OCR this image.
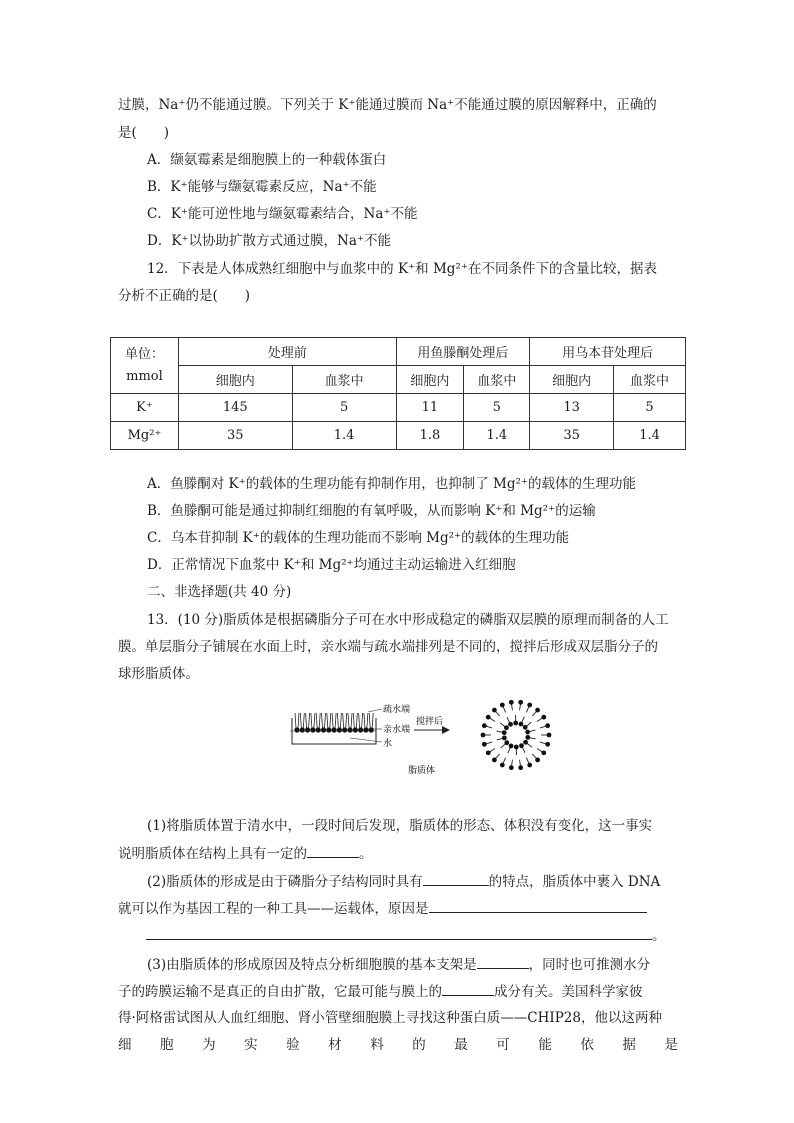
过膜，Na⁺仍不能通过膜。下列关于 K⁺能通过膜而 Na⁺不能通过膜的原因解释中，正确的
是(　　)
A．缬氨霉素是细胞膜上的一种载体蛋白
B．K⁺能够与缬氨霉素反应，Na⁺不能
C．K⁺能可逆性地与缬氨霉素结合，Na⁺不能
D．K⁺以协助扩散方式通过膜，Na⁺不能
12．下表是人体成熟红细胞中与血浆中的 K⁺和 Mg²⁺在不同条件下的含量比较，据表
分析不正确的是(　　)
单位：
mmol	处理前		用鱼滕酮处理后		用乌本苷处理后	
	细胞内	血浆中	细胞内	血浆中	细胞内	血浆中
K⁺	145	5	11	5	13	5
Mg²⁺	35	1.4	1.8	1.4	35	1.4
A．鱼滕酮对 K⁺的载体的生理功能有抑制作用，也抑制了 Mg²⁺的载体的生理功能
B．鱼滕酮可能是通过抑制红细胞的有氧呼吸，从而影响 K⁺和 Mg²⁺的运输
C．乌本苷抑制 K⁺的载体的生理功能而不影响 Mg²⁺的载体的生理功能
D．正常情况下血浆中 K⁺和 Mg²⁺均通过主动运输进入红细胞
二、非选择题(共 40 分)
13．(10 分)脂质体是根据磷脂分子可在水中形成稳定的磷脂双层膜的原理而制备的人工
膜。单层脂分子铺展在水面上时，亲水端与疏水端排列是不同的，搅拌后形成双层脂分子的
球形脂质体。
疏水端
亲水端
水
搅拌后
脂质体
(1)将脂质体置于清水中，一段时间后发现，脂质体的形态、体积没有变化，这一事实
说明脂质体在结构上具有一定的	。
(2)脂质体的形成是由于磷脂分子结构同时具有	的特点，脂质体中裹入 DNA
就可以作为基因工程的一种工具——运载体，原因是
。
(3)由脂质体的形成原因及特点分析细胞膜的基本支架是	，同时也可推测水分
子的跨膜运输不是真正的自由扩散，它最可能与膜上的	成分有关。美国科学家彼
得·阿格雷试图从人血红细胞、肾小管壁细胞膜上寻找这种蛋白质——CHIP28，他以这两种
细 胞 为 实 验 材 料 的 最 可 能 依 据 是
